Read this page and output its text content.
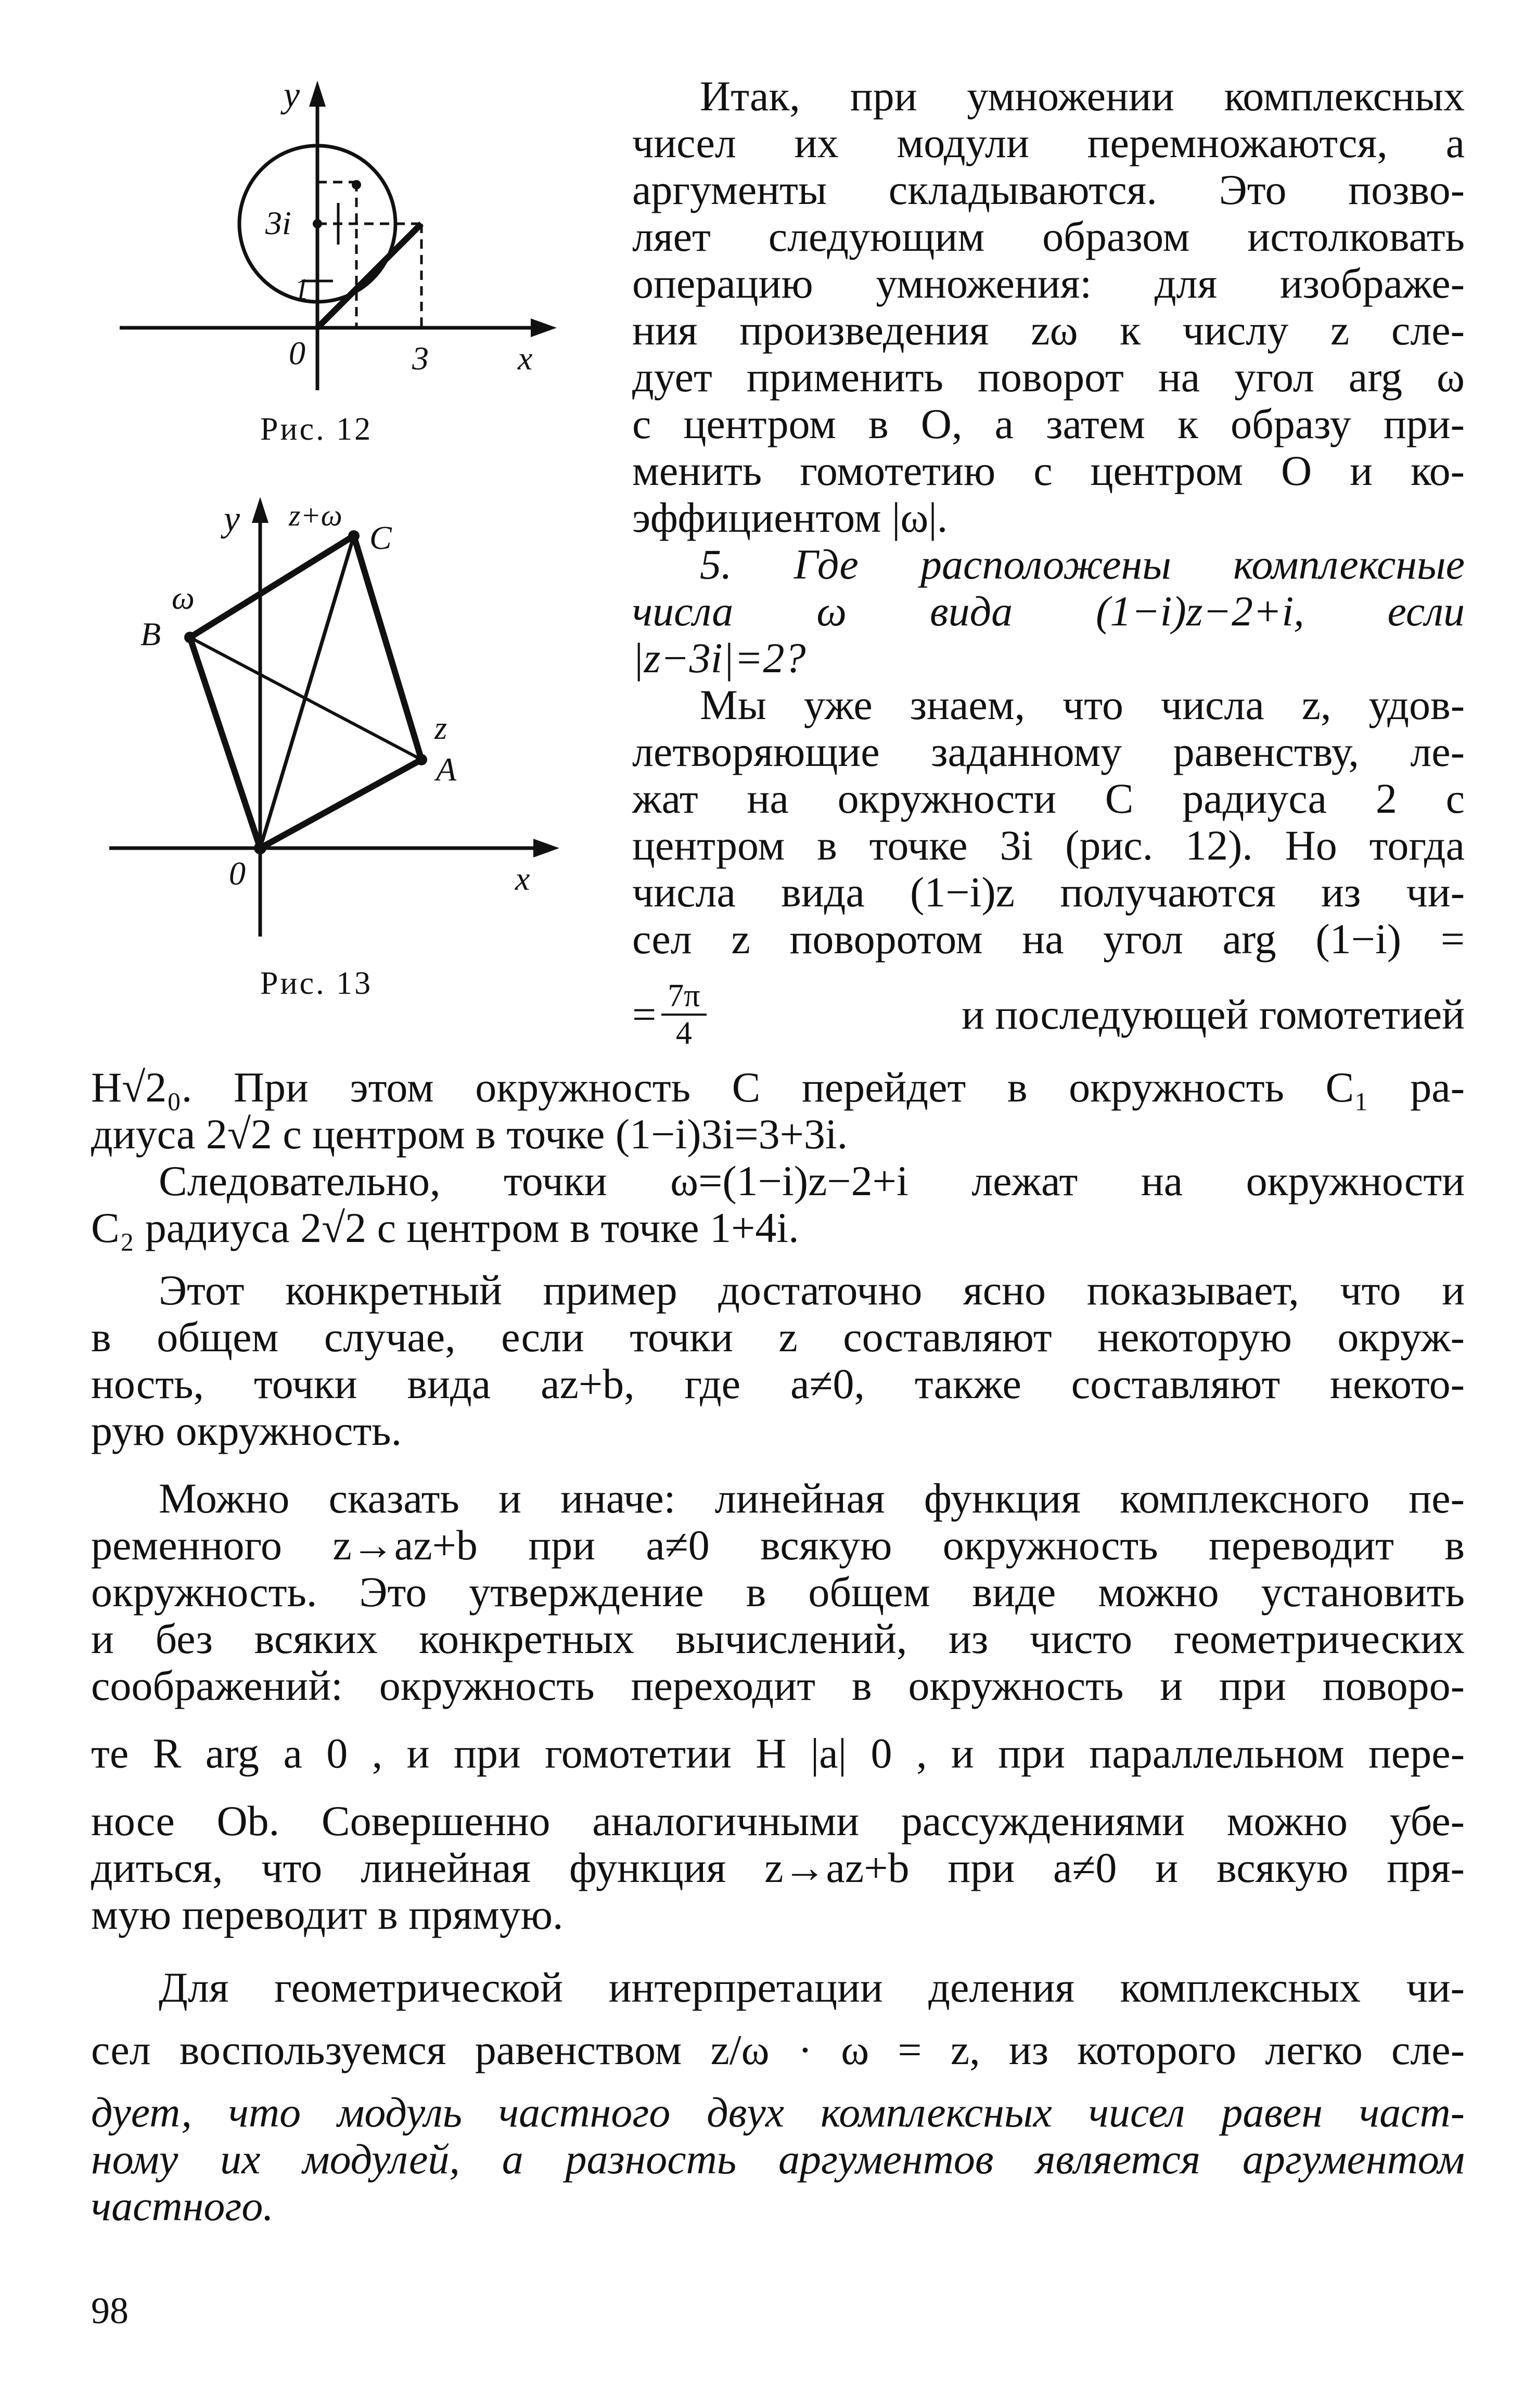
y
x
0	3
3i
1
Рис. 12
y
x
0
z+ω
C
ω
B
z
A
Рис. 13
Итак, при умножении комплексных
чисел их модули перемножаются, а
аргументы складываются. Это позво-
ляет следующим образом истолковать
операцию умножения: для изображе-
ния произведения zω к числу z сле-
дует применить поворот на угол arg ω
с центром в O, а затем к образу при-
менить гомотетию с центром O и ко-
эффициентом |ω|.
5. Где расположены комплексные
числа ω вида (1−i)z−2+i, если
|z−3i|=2?
Мы уже знаем, что числа z, удов-
летворяющие заданному равенству, ле-
жат на окружности C радиуса 2 с
центром в точке 3i (рис. 12). Но тогда
числа вида (1−i)z получаются из чи-
сел z поворотом на угол arg (1−i) =
= $\frac{7\pi}{4}$	и последующей гомотетией
H√2₀. При этом окружность C перейдет в окружность C₁ ра-
диуса 2√2 с центром в точке (1−i)3i=3+3i.
Следовательно, точки ω=(1−i)z−2+i лежат на окружности
C₂ радиуса 2√2 с центром в точке 1+4i.
Этот конкретный пример достаточно ясно показывает, что и
в общем случае, если точки z составляют некоторую окруж-
ность, точки вида az+b, где a≠0, также составляют некото-
рую окружность.
Можно сказать и иначе: линейная функция комплексного пе-
ременного z→az+b при a≠0 всякую окружность переводит в
окружность. Это утверждение в общем виде можно установить
и без всяких конкретных вычислений, из чисто геометрических
соображений: окружность переходит в окружность и при поворо-
те R arg a 0 , и при гомотетии H |a| 0 , и при параллельном пере-
носе Ob. Совершенно аналогичными рассуждениями можно убе-
диться, что линейная функция z→az+b при a≠0 и всякую пря-
мую переводит в прямую.
Для геометрической интерпретации деления комплексных чи-
сел воспользуемся равенством z/ω · ω = z, из которого легко сле-
дует, что модуль частного двух комплексных чисел равен част-
ному их модулей, а разность аргументов является аргументом
частного.
98
